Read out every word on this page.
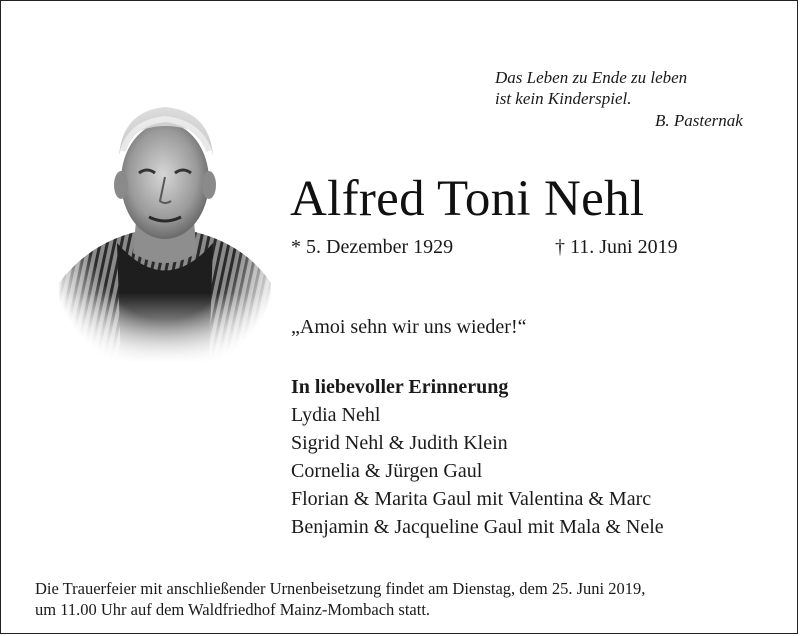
Das Leben zu Ende zu leben
ist kein Kinderspiel.
B. Pasternak
Alfred Toni Nehl
* 5. Dezember 1929	† 11. Juni 2019
„Amoi sehn wir uns wieder!“
In liebevoller Erinnerung
Lydia Nehl
Sigrid Nehl & Judith Klein
Cornelia & Jürgen Gaul
Florian & Marita Gaul mit Valentina & Marc
Benjamin & Jacqueline Gaul mit Mala & Nele
Die Trauerfeier mit anschließender Urnenbeisetzung findet am Dienstag, dem 25. Juni 2019,
um 11.00 Uhr auf dem Waldfriedhof Mainz-Mombach statt.
